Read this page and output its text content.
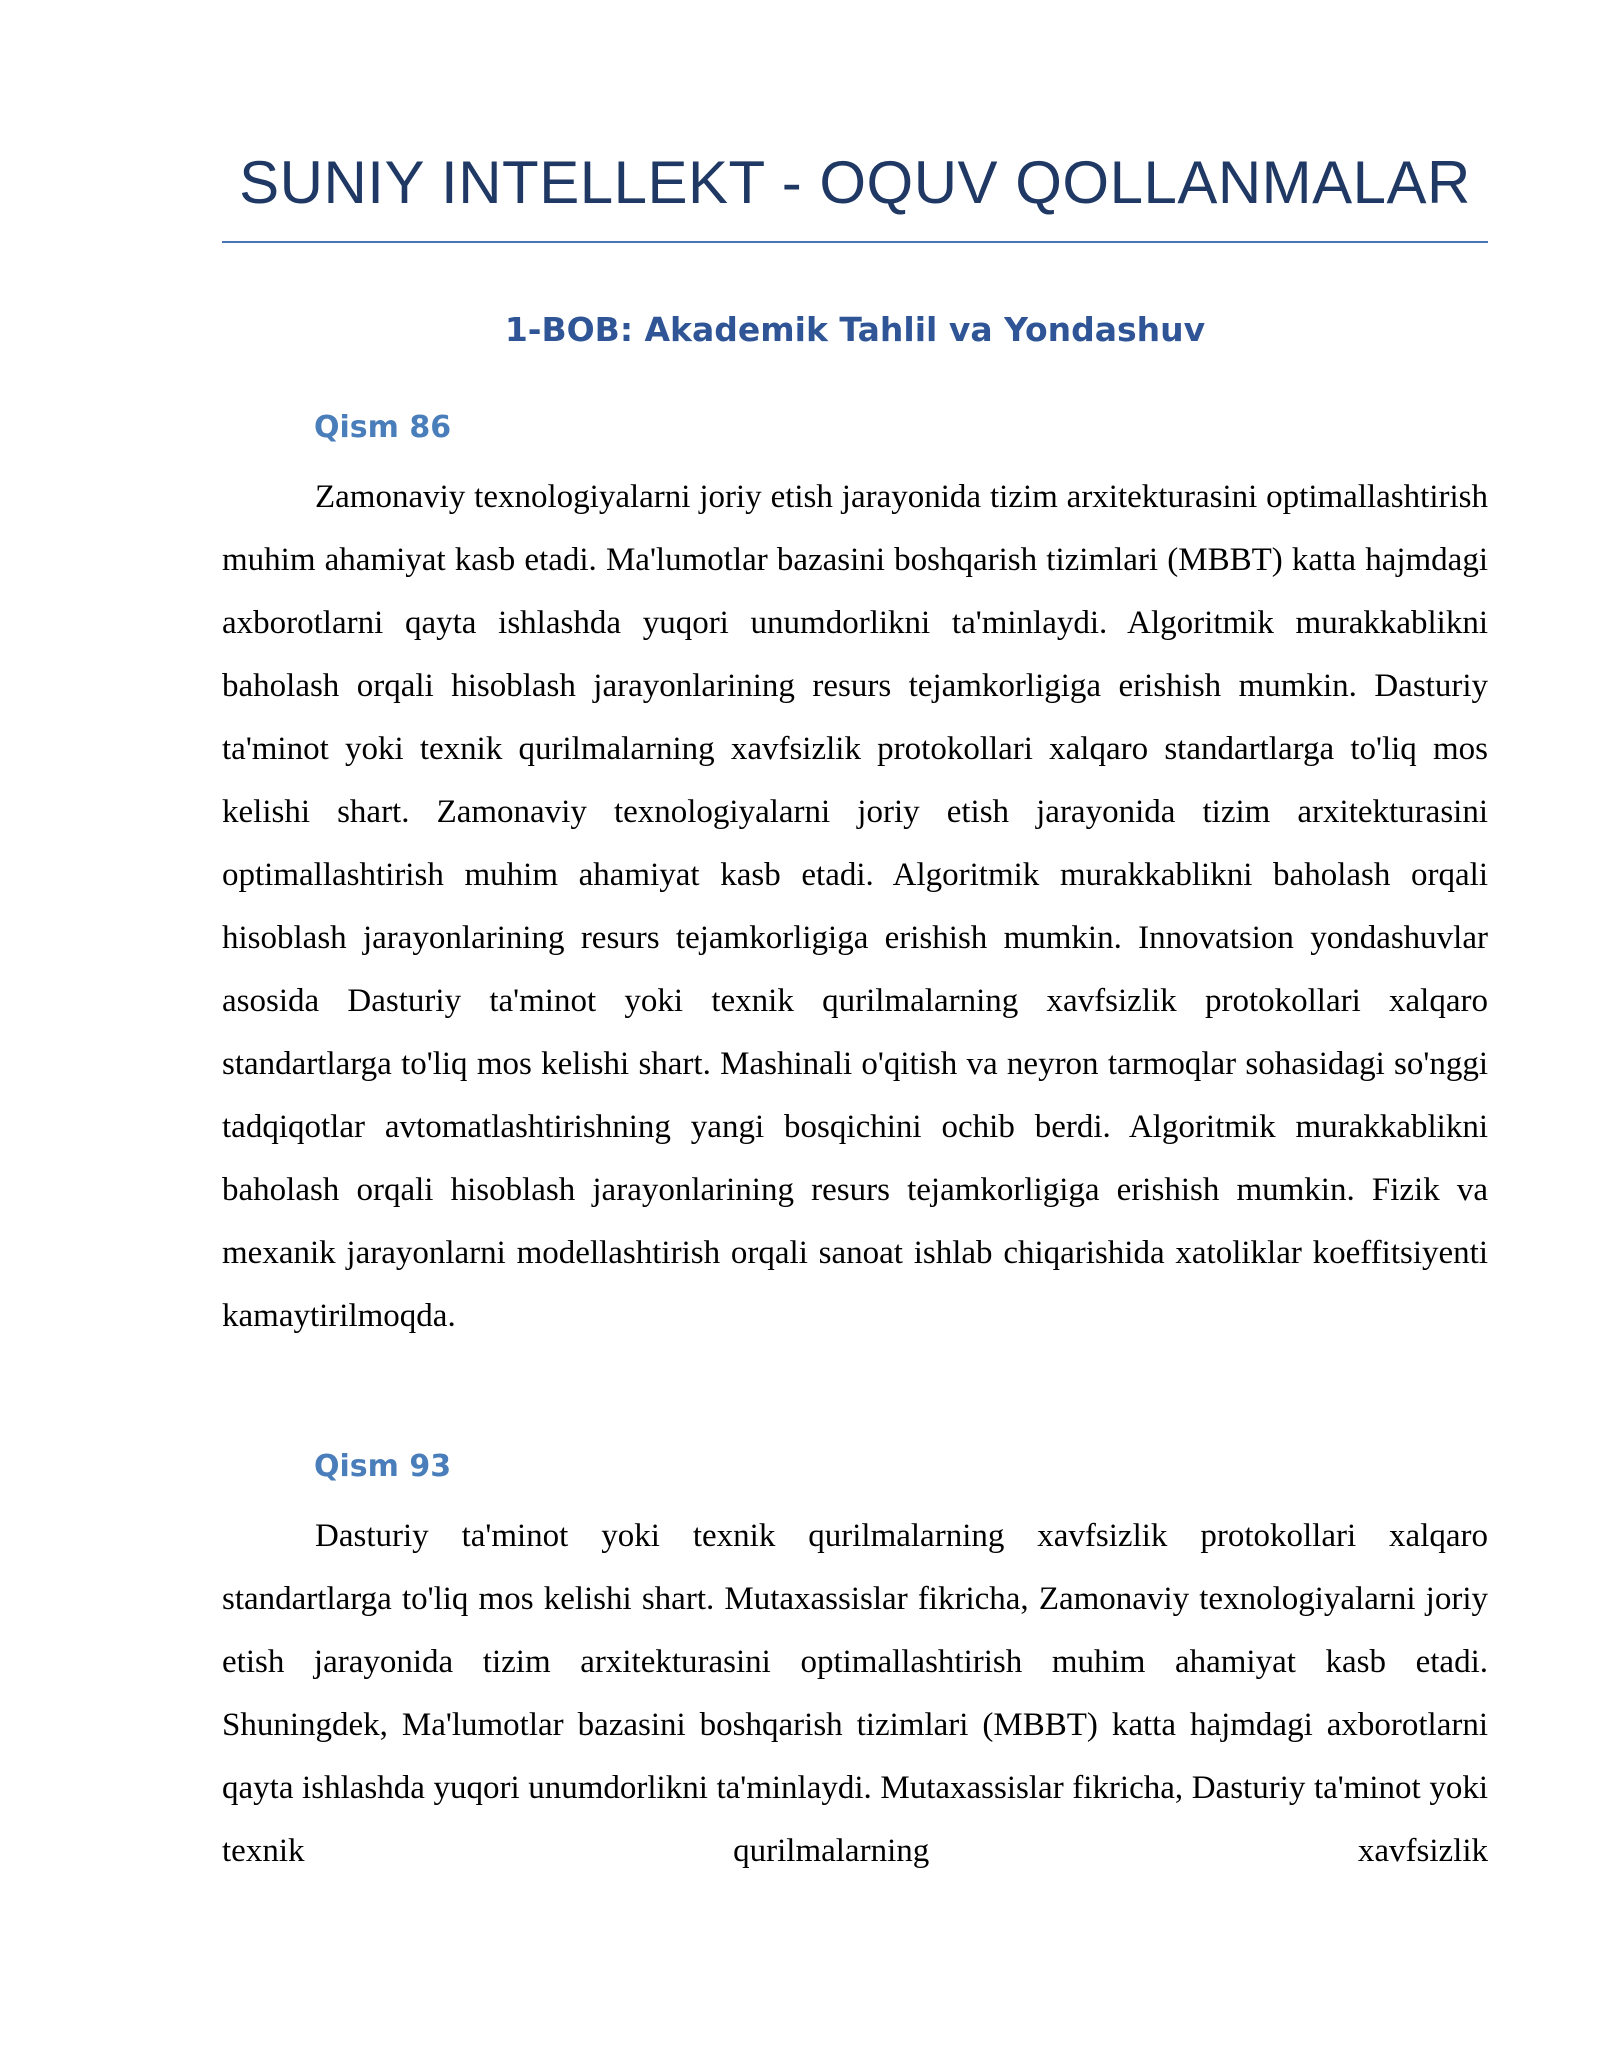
SUNIY INTELLEKT - OQUV QOLLANMALAR
1-BOB: Akademik Tahlil va Yondashuv
Qism 86

Zamonaviy texnologiyalarni joriy etish jarayonida tizim arxitekturasini optimallashtirish muhim ahamiyat kasb etadi. Ma'lumotlar bazasini boshqarish tizimlari (MBBT) katta hajmdagi axborotlarni qayta ishlashda yuqori unumdorlikni ta'minlaydi. Algoritmik murakkablikni baholash orqali hisoblash jarayonlarining resurs tejamkorligiga erishish mumkin. Dasturiy ta'minot yoki texnik qurilmalarning xavfsizlik protokollari xalqaro standartlarga to'liq mos kelishi shart. Zamonaviy texnologiyalarni joriy etish jarayonida tizim arxitekturasini optimallashtirish muhim ahamiyat kasb etadi. Algoritmik murakkablikni baholash orqali hisoblash jarayonlarining resurs tejamkorligiga erishish mumkin. Innovatsion yondashuvlar asosida Dasturiy ta'minot yoki texnik qurilmalarning xavfsizlik protokollari xalqaro standartlarga to'liq mos kelishi shart. Mashinali o'qitish va neyron tarmoqlar sohasidagi so'nggi tadqiqotlar avtomatlashtirishning yangi bosqichini ochib berdi. Algoritmik murakkablikni baholash orqali hisoblash jarayonlarining resurs tejamkorligiga erishish mumkin. Fizik va mexanik jarayonlarni modellashtirish orqali sanoat ishlab chiqarishida xatoliklar koeffitsiyenti kamaytirilmoqda.

Qism 93

Dasturiy ta'minot yoki texnik qurilmalarning xavfsizlik protokollari xalqaro standartlarga to'liq mos kelishi shart. Mutaxassislar fikricha, Zamonaviy texnologiyalarni joriy etish jarayonida tizim arxitekturasini optimallashtirish muhim ahamiyat kasb etadi. Shuningdek, Ma'lumotlar bazasini boshqarish tizimlari (MBBT) katta hajmdagi axborotlarni qayta ishlashda yuqori unumdorlikni ta'minlaydi. Mutaxassislar fikricha, Dasturiy ta'minot yoki texnik qurilmalarning xavfsizlik
